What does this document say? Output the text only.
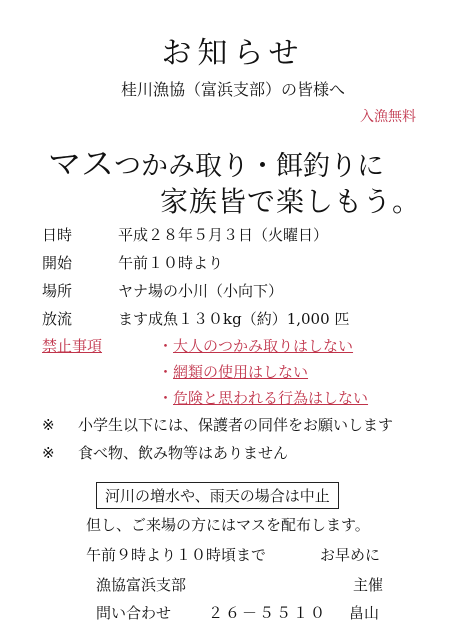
お知らせ
桂川漁協（富浜支部）の皆様へ
入漁無料
マスつかみ取り・餌釣りに
家族皆で楽しもう。
日時	平成２８年５月３日（火曜日）
開始	午前１０時より
場所	ヤナ場の小川（小向下）
放流	ます成魚１３０kg（約）1,000 匹
禁止事項	・大人のつかみ取りはしない
・網類の使用はしない
・危険と思われる行為はしない
※ 小学生以下には、保護者の同伴をお願いします
※ 食べ物、飲み物等はありません
河川の増水や、雨天の場合は中止
但し、ご来場の方にはマスを配布します。
午前９時より１０時頃まで	お早めに
漁協富浜支部	主催
問い合わせ ２６－５５１０ 畠山
